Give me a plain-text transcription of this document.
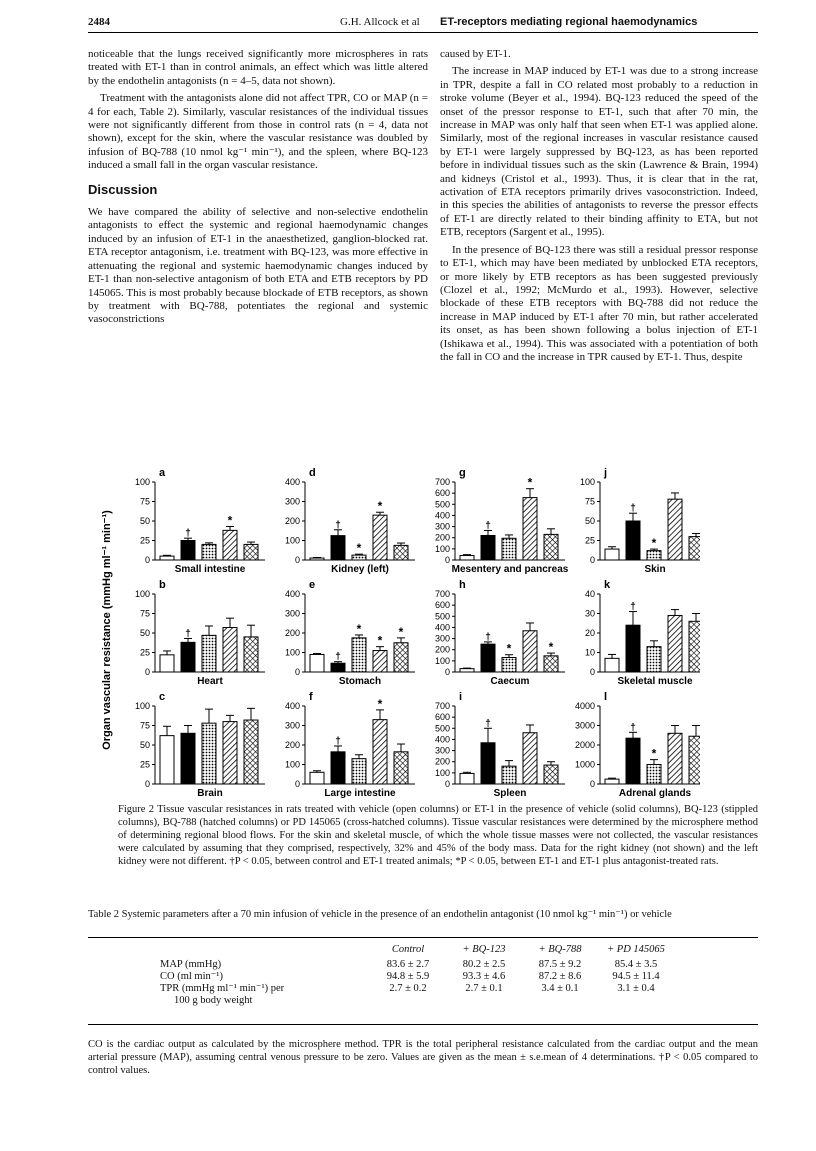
2484	G.H. Allcock et al ET-receptors mediating regional haemodynamics

noticeable that the lungs received significantly more microspheres in rats treated with ET-1 than in control animals, an effect which was little altered by the endothelin antagonists (n = 4–5, data not shown).

Treatment with the antagonists alone did not affect TPR, CO or MAP (n = 4 for each, Table 2). Similarly, vascular resistances of the individual tissues were not significantly different from those in control rats (n = 4, data not shown), except for the skin, where the vascular resistance was doubled by infusion of BQ-788 (10 nmol kg⁻¹ min⁻¹), and the spleen, where BQ-123 induced a small fall in the organ vascular resistance.

Discussion

We have compared the ability of selective and non-selective endothelin antagonists to effect the systemic and regional haemodynamic changes induced by an infusion of ET-1 in the anaesthetized, ganglion-blocked rat. ETA receptor antagonism, i.e. treatment with BQ-123, was more effective in attenuating the regional and systemic haemodynamic changes induced by ET-1 than non-selective antagonism of both ETA and ETB receptors by PD 145065. This is most probably because blockade of ETB receptors, as shown by treatment with BQ-788, potentiates the regional and systemic vasoconstrictions

caused by ET-1.

The increase in MAP induced by ET-1 was due to a strong increase in TPR, despite a fall in CO related most probably to a reduction in stroke volume (Beyer et al., 1994). BQ-123 reduced the speed of the onset of the pressor response to ET-1, such that after 70 min, the increase in MAP was only half that seen when ET-1 was applied alone. Similarly, most of the regional increases in vascular resistance caused by ET-1 were largely suppressed by BQ-123, as has been reported before in individual tissues such as the skin (Lawrence & Brain, 1994) and kidneys (Cristol et al., 1993). Thus, it is clear that in the rat, activation of ETA receptors primarily drives vasoconstriction. Indeed, in this species the abilities of antagonists to reverse the pressor effects of ET-1 are directly related to their binding affinity to ETA, but not ETB, receptors (Sargent et al., 1995).

In the presence of BQ-123 there was still a residual pressor response to ET-1, which may have been mediated by unblocked ETA receptors, or more likely by ETB receptors as has been suggested previously (Clozel et al., 1992; McMurdo et al., 1993). However, selective blockade of these ETB receptors with BQ-788 did not reduce the increase in MAP induced by ET-1 after 70 min, but rather accelerated its onset, as has been shown following a bolus injection of ET-1 (Ishikawa et al., 1994). This was associated with a potentiation of both the fall in CO and the increase in TPR caused by ET-1. Thus, despite

Organ vascular resistance (mmHg ml⁻¹ min⁻¹)
a
0
25
50
75
100
†
*
Small intestine
d
0
100
200
300
400
†
*
*
Kidney (left)
g
0
100
200
300
400
500
600
700
†
*
Mesentery and pancreas
j
0
25
50
75
100
†
*
Skin
b
0
25
50
75
100
†
Heart
e
0
100
200
300
400
†
*
*
*
Stomach
h
0
100
200
300
400
500
600
700
†
*	*
Caecum
k
0
10
20
30
40
†
Skeletal muscle
c
0
25
50
75
100
Brain
f
0
100
200
300
400
†
*
Large intestine
i
0
100
200
300
400
500
600
700
†
Spleen
l
0
1000
2000
3000
4000
†
*
Adrenal glands
Figure 2 Tissue vascular resistances in rats treated with vehicle (open columns) or ET-1 in the presence of vehicle (solid columns), BQ-123 (stippled columns), BQ-788 (hatched columns) or PD 145065 (cross-hatched columns). Tissue vascular resistances were determined by the microsphere method of determining regional blood flows. For the skin and skeletal muscle, of which the whole tissue masses were not collected, the vascular resistances were calculated by assuming that they comprised, respectively, 32% and 45% of the body mass. Data for the right kidney (not shown) and the left kidney were not different. †P < 0.05, between control and ET-1 treated animals; *P < 0.05, between ET-1 and ET-1 plus antagonist-treated rats.
Table 2 Systemic parameters after a 70 min infusion of vehicle in the presence of an endothelin antagonist (10 nmol kg⁻¹ min⁻¹) or vehicle
	Control	+ BQ-123	+ BQ-788	+ PD 145065
MAP (mmHg)	83.6 ± 2.7	80.2 ± 2.5	87.5 ± 9.2	85.4 ± 3.5
CO (ml min⁻¹)	94.8 ± 5.9	93.3 ± 4.6	87.2 ± 8.6	94.5 ± 11.4
TPR (mmHg ml⁻¹ min⁻¹) per
100 g body weight	2.7 ± 0.2	2.7 ± 0.1	3.4 ± 0.1	3.1 ± 0.4
CO is the cardiac output as calculated by the microsphere method. TPR is the total peripheral resistance calculated from the cardiac output and the mean arterial pressure (MAP), assuming central venous pressure to be zero. Values are given as the mean ± s.e.mean of 4 determinations. †P < 0.05 compared to control values.
